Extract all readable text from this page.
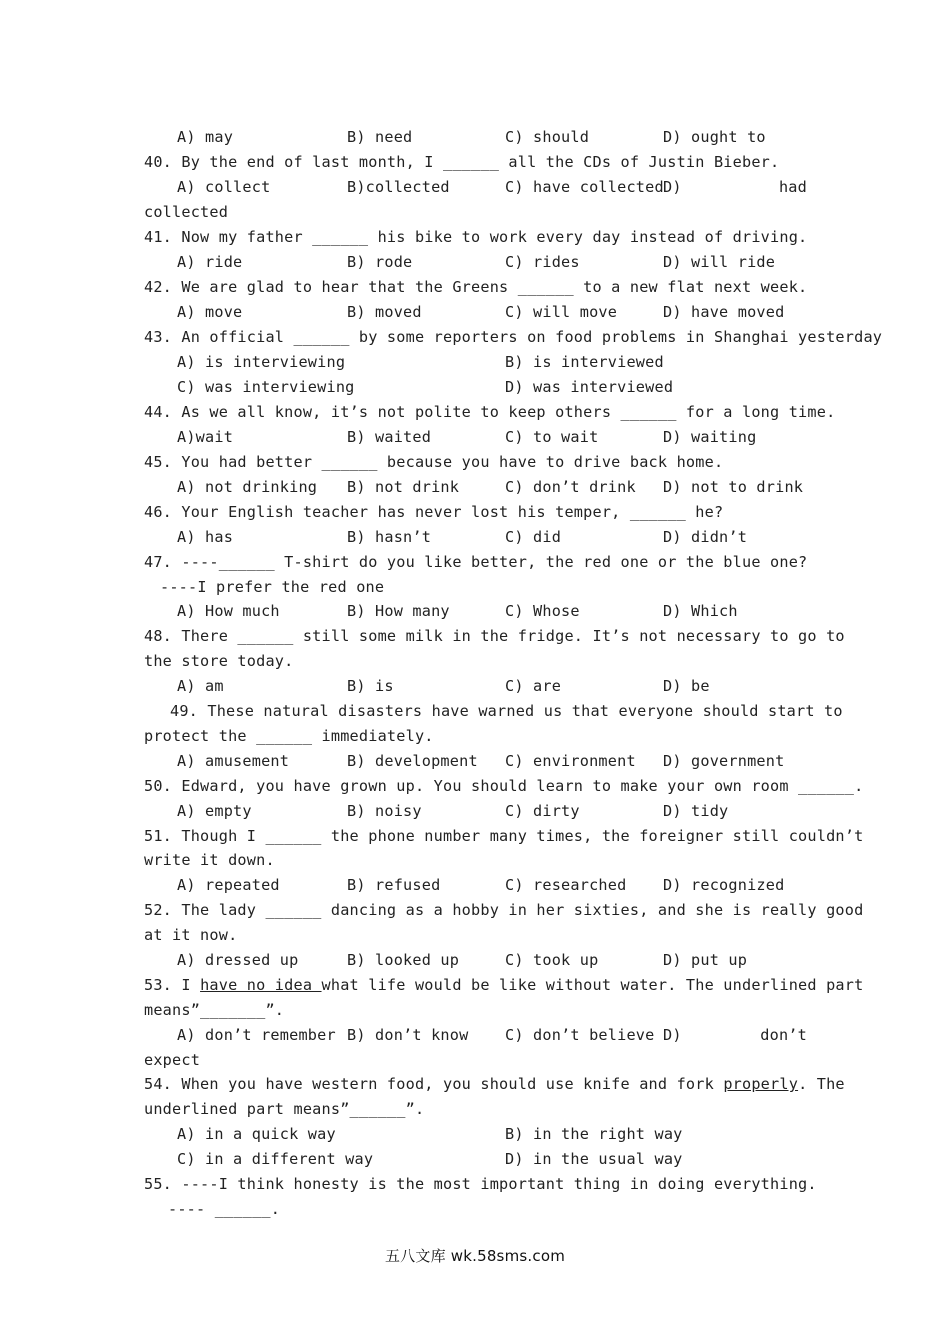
A) may	B) need	C) should	D) ought to
40. By the end of last month, I ______ all the CDs of Justin Bieber.
A) collect	B)collected	C) have collected D)	had
collected
41. Now my father ______ his bike to work every day instead of driving.
A) ride	B) rode	C) rides	D) will ride
42. We are glad to hear that the Greens ______ to a new flat next week.
A) move	B) moved	C) will move	D) have moved
43. An official ______ by some reporters on food problems in Shanghai yesterday
A) is interviewing	B) is interviewed
C) was interviewing	D) was interviewed
44. As we all know, it’s not polite to keep others ______ for a long time.
A)wait	B) waited	C) to wait	D) waiting
45. You had better ______ because you have to drive back home.
A) not drinking B) not drink	C) don’t drink D) not to drink
46. Your English teacher has never lost his temper, ______ he?
A) has	B) hasn’t	C) did	D) didn’t
47. ----______ T-shirt do you like better, the red one or the blue one?
----I prefer the red one
A) How much	B) How many	C) Whose	D) Which
48. There ______ still some milk in the fridge. It’s not necessary to go to
the store today.
A) am	B) is	C) are	D) be
49. These natural disasters have warned us that everyone should start to
protect the ______ immediately.
A) amusement	B) development C) environment D) government
50. Edward, you have grown up. You should learn to make your own room ______.
A) empty	B) noisy	C) dirty	D) tidy
51. Though I ______ the phone number many times, the foreigner still couldn’t
write it down.
A) repeated	B) refused	C) researched D) recognized
52. The lady ______ dancing as a hobby in her sixties, and she is really good
at it now.
A) dressed up	B) looked up	C) took up	D) put up
53. I have no idea what life would be like without water. The underlined part
means”_______”.
A) don’t remember B) don’t know C) don’t believe D)	don’t
expect
54. When you have western food, you should use knife and fork properly. The
underlined part means”______”.
A) in a quick way	B) in the right way
C) in a different way	D) in the usual way
55. ----I think honesty is the most important thing in doing everything.
---- ______.
五八文库 wk.58sms.com
